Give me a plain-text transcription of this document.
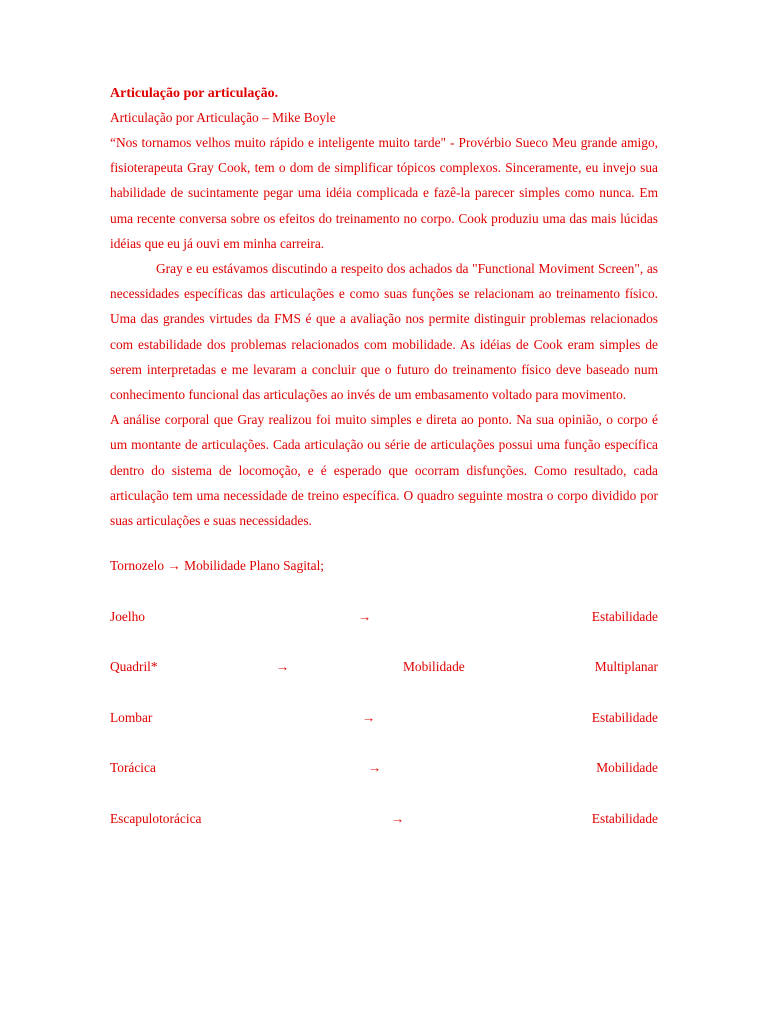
Articulação por articulação.

Articulação por Articulação – Mike Boyle

“Nos tornamos velhos muito rápido e inteligente muito tarde" - Provérbio Sueco Meu grande amigo, fisioterapeuta Gray Cook, tem o dom de simplificar tópicos complexos. Sinceramente, eu invejo sua habilidade de sucintamente pegar uma idéia complicada e fazê-la parecer simples como nunca. Em uma recente conversa sobre os efeitos do treinamento no corpo. Cook produziu uma das mais lúcidas idéias que eu já ouvi em minha carreira.

Gray e eu estávamos discutindo a respeito dos achados da "Functional Moviment Screen", as necessidades específicas das articulações e como suas funções se relacionam ao treinamento físico. Uma das grandes virtudes da FMS é que a avaliação nos permite distinguir problemas relacionados com estabilidade dos problemas relacionados com mobilidade. As idéias de Cook eram simples de serem interpretadas e me levaram a concluir que o futuro do treinamento físico deve baseado num conhecimento funcional das articulações ao invés de um embasamento voltado para movimento.

A análise corporal que Gray realizou foi muito simples e direta ao ponto. Na sua opinião, o corpo é um montante de articulações. Cada articulação ou série de articulações possui uma função específica dentro do sistema de locomoção, e é esperado que ocorram disfunções. Como resultado, cada articulação tem uma necessidade de treino específica. O quadro seguinte mostra o corpo dividido por suas articulações e suas necessidades.

Tornozelo → Mobilidade Plano Sagital;
Joelho	→	Estabilidade
Quadril*	→	Mobilidade	Multiplanar
Lombar	→	Estabilidade
Torácica	→	Mobilidade
Escapulotorácica	→	Estabilidade
